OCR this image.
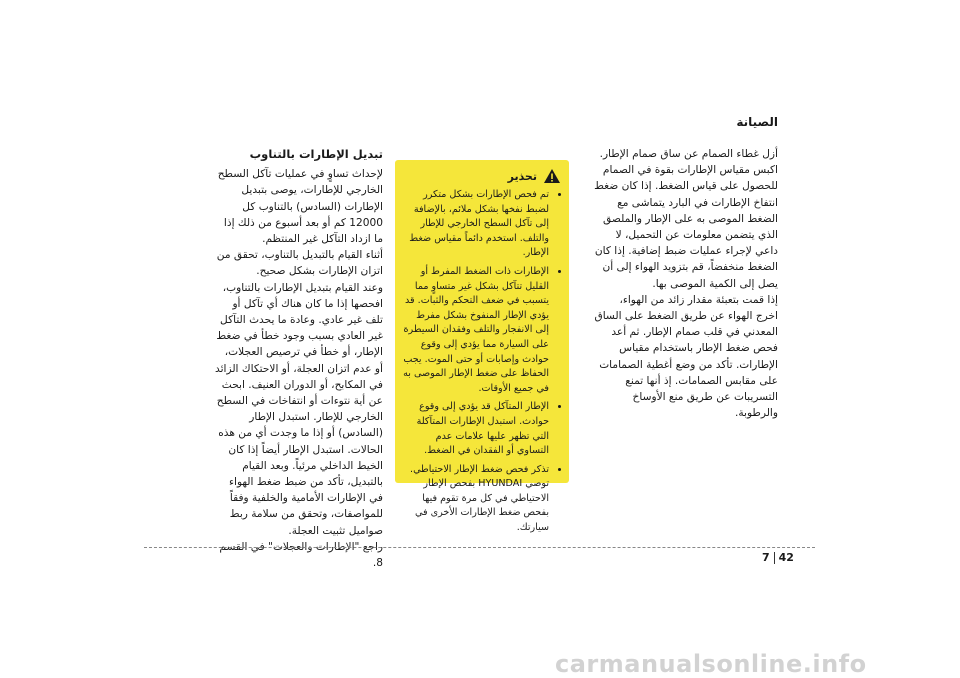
الصيانة

أزل غطاء الصمام عن ساق صمام الإطار. اكبس مقياس الإطارات بقوة في الصمام للحصول على قياس الضغط. إذا كان ضغط انتفاخ الإطارات في البارد يتماشى مع الضغط الموصى به على الإطار والملصق الذي يتضمن معلومات عن التحميل، لا داعي لإجراء عمليات ضبط إضافية. إذا كان الضغط منخفضاً، قم بتزويد الهواء إلى أن يصل إلى الكمية الموصى بها.

إذا قمت بتعبئة مقدار زائد من الهواء، اخرج الهواء عن طريق الضغط على الساق المعدني في قلب صمام الإطار. ثم أعد فحص ضغط الإطار باستخدام مقياس الإطارات. تأكد من وضع أغطية الصمامات على مقابس الصمامات. إذ أنها تمنع التسريبات عن طريق منع الأوساخ والرطوبة.

تحذير
• تم فحص الإطارات بشكل متكرر لضبط نفخها بشكل ملائم، بالإضافة إلى تآكل السطح الخارجي للإطار والتلف. استخدم دائماً مقياس ضغط الإطار.
• الإطارات ذات الضغط المفرط أو القليل تتآكل بشكل غير متساوٍ مما يتسبب في ضعف التحكم والثبات. قد يؤدي الإطار المنفوخ بشكل مفرط إلى الانفجار والتلف وفقدان السيطرة على السيارة مما يؤدي إلى وقوع حوادث وإصابات أو حتى الموت. يجب الحفاظ على ضغط الإطار الموصى به في جميع الأوقات.
• الإطار المتآكل قد يؤدي إلى وقوع حوادث. استبدل الإطارات المتآكلة التي تظهر عليها علامات عدم التساوي أو الفقدان في الضغط.
• تذكر فحص ضغط الإطار الاحتياطي. توصي HYUNDAI بفحص الإطار الاحتياطي في كل مرة تقوم فيها بفحص ضغط الإطارات الأخرى في سيارتك.

تبديل الإطارات بالتناوب

لإحداث تساوٍ في عمليات تآكل السطح الخارجي للإطارات، يوصى بتبديل الإطارات (السادس) بالتناوب كل 12000 كم أو بعد أسبوع من ذلك إذا ما ازداد التآكل غير المنتظم.

أثناء القيام بالتبديل بالتناوب، تحقق من اتزان الإطارات بشكل صحيح.

وعند القيام بتبديل الإطارات بالتناوب، افحصها إذا ما كان هناك أي تآكل أو تلف غير عادي. وعادة ما يحدث التآكل غير العادي بسبب وجود خطأ في ضغط الإطار، أو خطأ في ترصيص العجلات، أو عدم اتزان العجلة، أو الاحتكاك الزائد في المكابح، أو الدوران العنيف. ابحث عن أية نتوءات أو انتفاخات في السطح الخارجي للإطار. استبدل الإطار (السادس) أو إذا ما وجدت أي من هذه الحالات. استبدل الإطار أيضاً إذا كان الخيط الداخلي مرئياً. وبعد القيام بالتبديل، تأكد من ضبط ضغط الهواء في الإطارات الأمامية والخلفية وفقاً للمواصفات، وتحقق من سلامة ربط صواميل تثبيت العجلة.

راجع "الإطارات والعجلات" في القسم 8.	7 42
carmanualsonline.info
